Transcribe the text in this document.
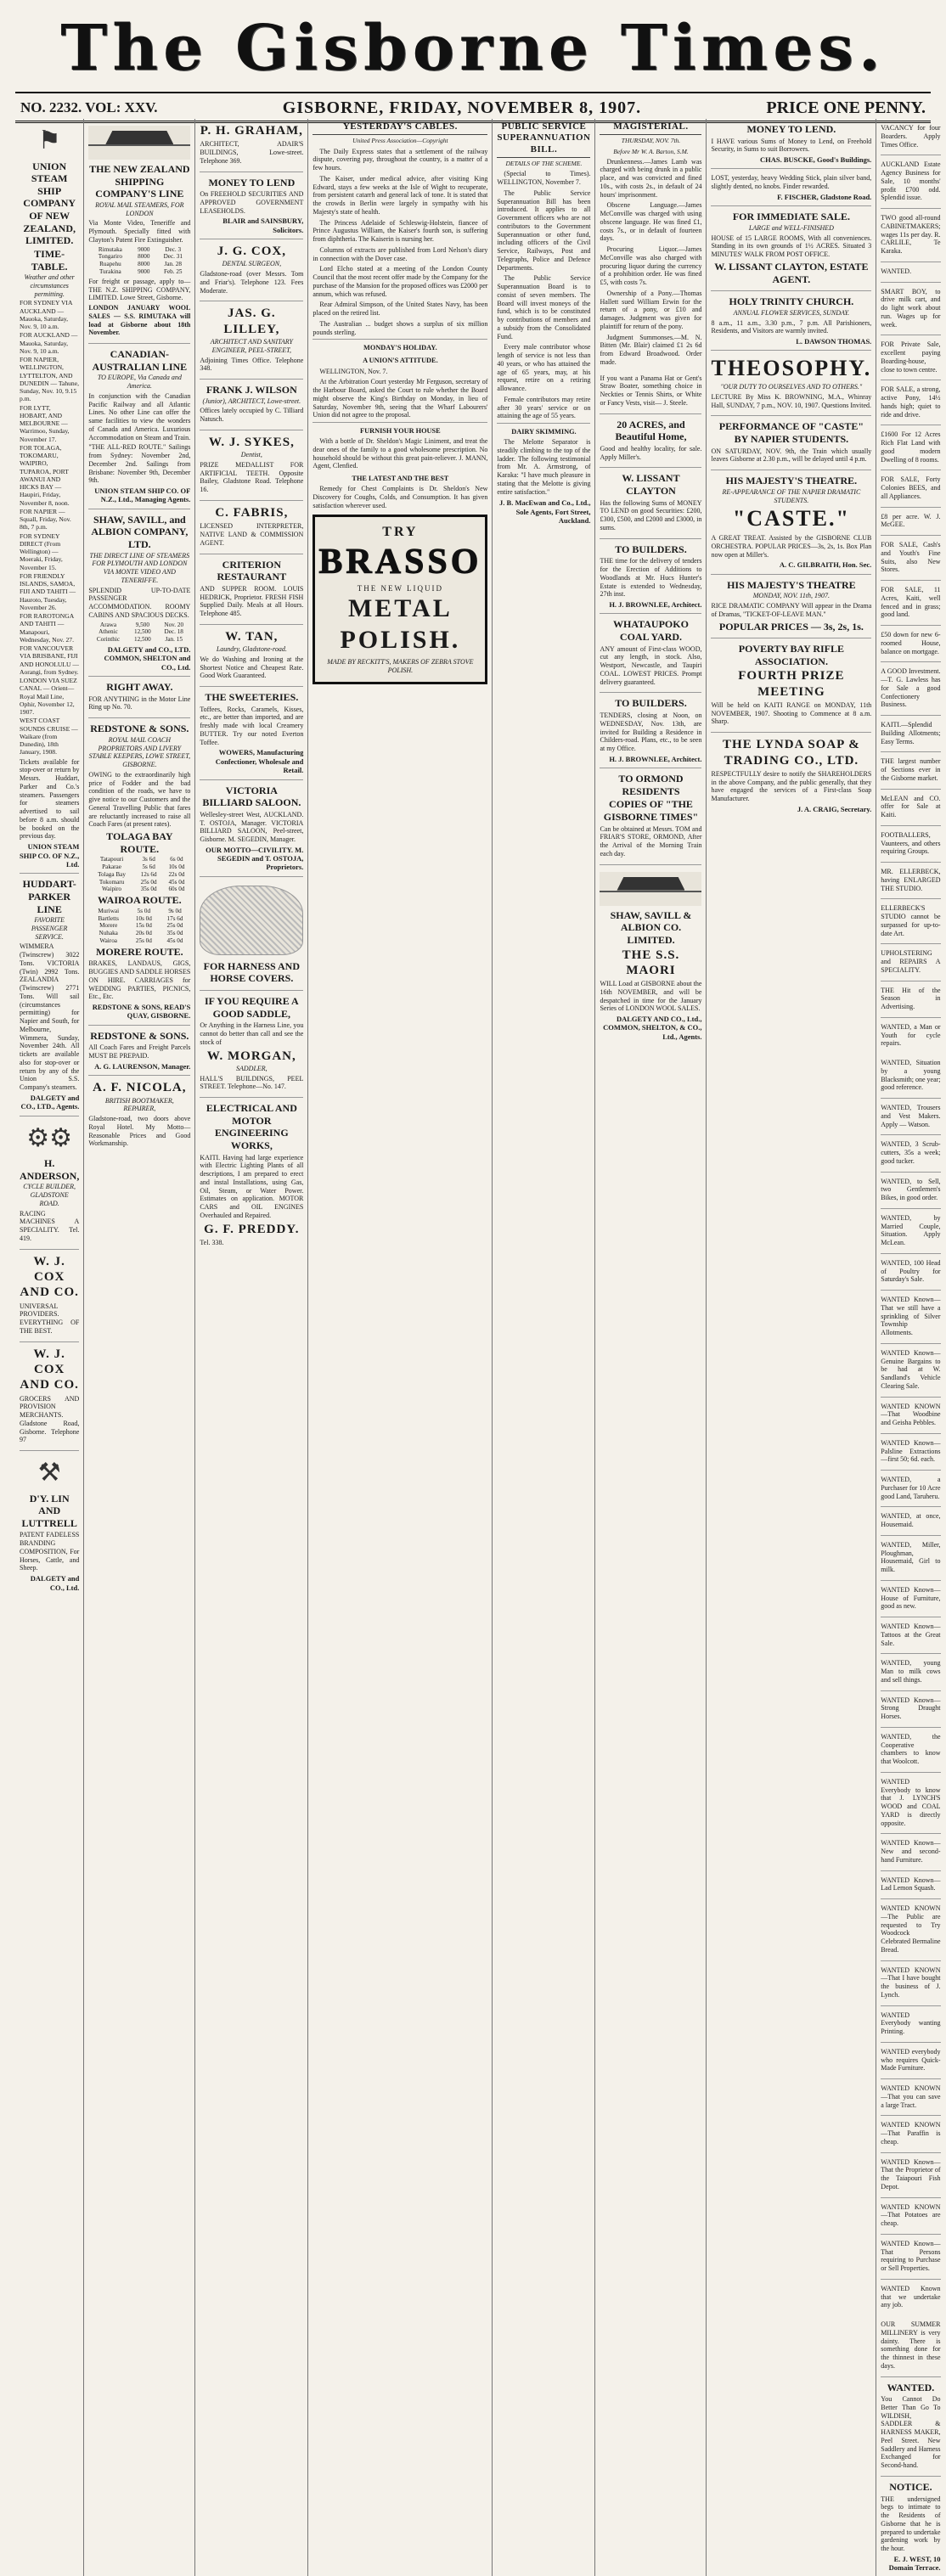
The Gisborne Times.
NO. 2232. VOL: XXV.	GISBORNE, FRIDAY, NOVEMBER 8, 1907.	PRICE ONE PENNY.
⚑
UNION STEAM SHIP COMPANY OF NEW ZEALAND, LIMITED.
TIME-TABLE.
Weather and other circumstances permitting.
FOR SYDNEY VIA AUCKLAND — Mauoka, Saturday, Nov. 9, 10 a.m.
FOR AUCKLAND — Mauoka, Saturday, Nov. 9, 10 a.m.
FOR NAPIER, WELLINGTON, LYTTELTON, AND DUNEDIN — Tahune, Sunday, Nov. 10, 9.15 p.m.
FOR LYTT, HOBART, AND MELBOURNE — Warrimoo, Sunday, November 17.
FOR TOLAGA, TOKOMARU, WAIPIRO, TUPAROA, PORT AWANUI AND HICKS BAY — Haupiri, Friday, November 8, noon.
FOR NAPIER — Squall, Friday, Nov. 8th, 7 p.m.
FOR SYDNEY DIRECT (From Wellington) — Moeraki, Friday, November 15.
FOR FRIENDLY ISLANDS, SAMOA, FIJI AND TAHITI — Hauroto, Tuesday, November 26.
FOR RAROTONGA AND TAHITI — Manapouri, Wednesday, Nov. 27.
FOR VANCOUVER VIA BRISBANE, FIJI AND HONOLULU — Aorangi, from Sydney.
LONDON VIA SUEZ CANAL — Orient—Royal Mail Line, Ophir, November 12, 1907.
WEST COAST SOUNDS CRUISE — Waikare (from Dunedin), 18th January, 1908.
Tickets available for stop-over or return by Messrs. Huddart, Parker and Co.'s steamers. Passengers for steamers advertised to sail before 8 a.m. should be booked on the previous day.
UNION STEAM SHIP CO. OF N.Z., Ltd.
HUDDART-PARKER LINE
FAVORITE PASSENGER SERVICE.
WIMMERA (Twinscrew) 3022 Tons. VICTORIA (Twin) 2992 Tons. ZEALANDIA (Twinscrew) 2771 Tons. Will sail (circumstances permitting) for Napier and South, for Melbourne, Wimmera, Sunday, November 24th. All tickets are available also for stop-over or return by any of the Union S.S. Company's steamers.
DALGETY and CO., LTD., Agents.
⚙⚙
H. ANDERSON,
CYCLE BUILDER, GLADSTONE ROAD.
RACING MACHINES A SPECIALITY. Tel. 419.
W. J. COX AND CO.
UNIVERSAL PROVIDERS. EVERYTHING OF THE BEST.
W. J. COX AND CO.
GROCERS AND PROVISION MERCHANTS. Gladstone Road, Gisborne. Telephone 97
⚒
D'Y. LIN AND LUTTRELL
PATENT FADELESS BRANDING COMPOSITION, For Horses, Cattle, and Sheep.
DALGETY and CO., Ltd.
THE NEW ZEALAND SHIPPING COMPANY'S LINE
ROYAL MAIL STEAMERS, FOR LONDON
Via Monte Video, Teneriffe and Plymouth. Specially fitted with Clayton's Patent Fire Extinguisher.
Rimutaka	9000	Dec. 3
Tongariro	8000	Dec. 31
Ruapehu	8000	Jan. 28
Turakina	9000	Feb. 25
For freight or passage, apply to— THE N.Z. SHIPPING COMPANY, LIMITED. Lowe Street, Gisborne.
LONDON JANUARY WOOL SALES — S.S. RIMUTAKA will load at Gisborne about 18th November.
CANADIAN-AUSTRALIAN LINE
TO EUROPE, Via Canada and America.
In conjunction with the Canadian Pacific Railway and all Atlantic Lines. No other Line can offer the same facilities to view the wonders of Canada and America. Luxurious Accommodation on Steam and Train.
"THE ALL-RED ROUTE." Sailings from Sydney: November 2nd, December 2nd. Sailings from Brisbane: November 9th, December 9th.
UNION STEAM SHIP CO. OF N.Z., Ltd., Managing Agents.
SHAW, SAVILL, and ALBION COMPANY, LTD.
THE DIRECT LINE OF STEAMERS FOR PLYMOUTH AND LONDON VIA MONTE VIDEO AND TENERIFFE.
SPLENDID UP-TO-DATE PASSENGER ACCOMMODATION. ROOMY CABINS AND SPACIOUS DECKS.
Arawa	9,500	Nov. 20
Athenic	12,500	Dec. 18
Corinthic	12,500	Jan. 15
DALGETY and CO., LTD. COMMON, SHELTON and CO., Ltd.
RIGHT AWAY.
FOR ANYTHING in the Motor Line Ring up No. 70.
REDSTONE & SONS.
ROYAL MAIL COACH PROPRIETORS AND LIVERY STABLE KEEPERS, LOWE STREET, GISBORNE.
OWING to the extraordinarily high price of Fodder and the bad condition of the roads, we have to give notice to our Customers and the General Travelling Public that fares are reluctantly increased to raise all Coach Fares (at present rates).
TOLAGA BAY ROUTE.
Tatapouri	3s 6d	6s 0d
Pakarae	5s 6d	10s 0d
Tolaga Bay	12s 6d	22s 0d
Tokomaru	25s 0d	45s 0d
Waipiro	35s 0d	60s 0d
WAIROA ROUTE.
Muriwai	5s 0d	9s 0d
Bartletts	10s 0d	17s 6d
Morere	15s 0d	25s 0d
Nuhaka	20s 0d	35s 0d
Wairoa	25s 0d	45s 0d
MORERE ROUTE.
BRAKES, LANDAUS, GIGS, BUGGIES AND SADDLE HORSES ON HIRE. CARRIAGES for WEDDING PARTIES, PICNICS, Etc., Etc.
REDSTONE & SONS, READ'S QUAY, GISBORNE.
REDSTONE & SONS.
All Coach Fares and Freight Parcels MUST BE PREPAID.
A. G. LAURENSON, Manager.
A. F. NICOLA,
BRITISH BOOTMAKER, REPAIRER,
Gladstone-road, two doors above Royal Hotel. My Motto— Reasonable Prices and Good Workmanship.
P. H. GRAHAM,
ARCHITECT, ADAIR'S BUILDINGS, Lowe-street. Telephone 369.
MONEY TO LEND
On FREEHOLD SECURITIES AND APPROVED GOVERNMENT LEASEHOLDS.
BLAIR and SAINSBURY, Solicitors.
J. G. COX,
DENTAL SURGEON,
Gladstone-road (over Messrs. Tom and Friar's). Telephone 123. Fees Moderate.
JAS. G. LILLEY,
ARCHITECT AND SANITARY ENGINEER, PEEL-STREET,
Adjoining Times Office. Telephone 348.
FRANK J. WILSON
(Junior), ARCHITECT, Lowe-street.
Offices lately occupied by C. Tilliard Natusch.
W. J. SYKES,
Dentist,
PRIZE MEDALLIST FOR ARTIFICIAL TEETH. Opposite Bailey, Gladstone Road. Telephone 16.
C. FABRIS,
LICENSED INTERPRETER, NATIVE LAND & COMMISSION AGENT.
CRITERION RESTAURANT
AND SUPPER ROOM. LOUIS HEDRICK, Proprietor. FRESH FISH Supplied Daily. Meals at all Hours. Telephone 485.
W. TAN,
Laundry, Gladstone-road.
We do Washing and Ironing at the Shortest Notice and Cheapest Rate. Good Work Guaranteed.
THE SWEETERIES.
Toffees, Rocks, Caramels, Kisses, etc., are better than imported, and are freshly made with local Creamery BUTTER. Try our noted Everton Toffee.
WOWERS, Manufacturing Confectioner, Wholesale and Retail.
VICTORIA BILLIARD SALOON.
Wellesley-street West, AUCKLAND. T. OSTOJA, Manager. VICTORIA BILLIARD SALOON, Peel-street, Gisborne. M. SEGEDIN, Manager.
OUR MOTTO—CIVILITY. M. SEGEDIN and T. OSTOJA, Proprietors.
FOR HARNESS AND HORSE COVERS.
IF YOU REQUIRE A GOOD SADDLE,
Or Anything in the Harness Line, you cannot do better than call and see the stock of
W. MORGAN,
SADDLER,
HALL'S BUILDINGS, PEEL STREET. Telephone—No. 147.
ELECTRICAL AND MOTOR ENGINEERING WORKS,
KAITI. Having had large experience with Electric Lighting Plants of all descriptions, I am prepared to erect and instal Installations, using Gas, Oil, Steam, or Water Power. Estimates on application. MOTOR CARS and OIL ENGINES Overhauled and Repaired.
G. F. PREDDY.
Tel. 338.
YESTERDAY'S CABLES.
United Press Association—Copyright

The Daily Express states that a settlement of the railway dispute, covering pay, throughout the country, is a matter of a few hours.

The Kaiser, under medical advice, after visiting King Edward, stays a few weeks at the Isle of Wight to recuperate, from persistent catarrh and general lack of tone. It is stated that the crowds in Berlin were largely in sympathy with his Majesty's state of health.

The Princess Adelaide of Schleswig-Holstein, fiancee of Prince Augustus William, the Kaiser's fourth son, is suffering from diphtheria. The Kaiserin is nursing her.

Columns of extracts are published from Lord Nelson's diary in connection with the Dover case.

Lord Elcho stated at a meeting of the London County Council that the most recent offer made by the Company for the purchase of the Mansion for the proposed offices was £2000 per annum, which was refused.

Rear Admiral Simpson, of the United States Navy, has been placed on the retired list.

The Australian ... budget shows a surplus of six million pounds sterling.

MONDAY'S HOLIDAY.
A UNION'S ATTITUDE.

WELLINGTON, Nov. 7.

At the Arbitration Court yesterday Mr Ferguson, secretary of the Harbour Board, asked the Court to rule whether the Board might observe the King's Birthday on Monday, in lieu of Saturday, November 9th, seeing that the Wharf Labourers' Union did not agree to the proposal.

FURNISH YOUR HOUSE

With a bottle of Dr. Sheldon's Magic Liniment, and treat the dear ones of the family to a good wholesome prescription. No household should be without this great pain-reliever. J. MANN, Agent, Clenfied.

THE LATEST AND THE BEST

Remedy for Chest Complaints is Dr. Sheldon's New Discovery for Coughs, Colds, and Consumption. It has given satisfaction wherever used.

TRY
BRASSO
THE NEW LIQUID
METAL POLISH.
MADE BY RECKITT'S, MAKERS OF ZEBRA STOVE POLISH.
PUBLIC SERVICE SUPERANNUATION BILL.
DETAILS OF THE SCHEME.

(Special to Times). WELLINGTON, November 7.

The Public Service Superannuation Bill has been introduced. It applies to all Government officers who are not contributors to the Government Superannuation or other fund, including officers of the Civil Service, Railways, Post and Telegraphs, Police and Defence Departments.

The Public Service Superannuation Board is to consist of seven members. The Board will invest moneys of the fund, which is to be constituted by contributions of members and a subsidy from the Consolidated Fund.

Every male contributor whose length of service is not less than 40 years, or who has attained the age of 65 years, may, at his request, retire on a retiring allowance.

Female contributors may retire after 30 years' service or on attaining the age of 55 years.

DAIRY SKIMMING.

The Melotte Separator is steadily climbing to the top of the ladder. The following testimonial from Mr. A. Armstrong, of Karaka: "I have much pleasure in stating that the Melotte is giving entire satisfaction."

J. B. MacEwan and Co., Ltd., Sole Agents, Fort Street, Auckland.
MAGISTERIAL.
THURSDAY, NOV. 7th.
Before Mr W. A. Barton, S.M.

Drunkenness.—James Lamb was charged with being drunk in a public place, and was convicted and fined 10s., with costs 2s., in default of 24 hours' imprisonment.

Obscene Language.—James McConville was charged with using obscene language. He was fined £1, costs 7s., or in default of fourteen days.

Procuring Liquor.—James McConville was also charged with procuring liquor during the currency of a prohibition order. He was fined £5, with costs 7s.

Ownership of a Pony.—Thomas Hallett sued William Erwin for the return of a pony, or £10 and damages. Judgment was given for plaintiff for return of the pony.

Judgment Summonses.—M. N. Bitten (Mr. Blair) claimed £1 2s 6d from Edward Broadwood. Order made.

If you want a Panama Hat or Gent's Straw Boater, something choice in Neckties or Tennis Shirts, or White or Fancy Vests, visit— J. Steele.
20 ACRES, and Beautiful Home,
Good and healthy locality, for sale. Apply Miller's.
W. LISSANT CLAYTON
Has the following Sums of MONEY TO LEND on good Securities: £200, £300, £500, and £2000 and £3000, in sums.
TO BUILDERS.
THE time for the delivery of tenders for the Erection of Additions to Woodlands at Mr. Hucs Hunter's Estate is extended to Wednesday, 27th inst.
H. J. BROWNLEE, Architect.
WHATAUPOKO COAL YARD.
ANY amount of First-class WOOD, cut any length, in stock. Also, Westport, Newcastle, and Taupiri COAL. LOWEST PRICES. Prompt delivery guaranteed.
TO BUILDERS.
TENDERS, closing at Noon, on WEDNESDAY, Nov. 13th, are invited for Building a Residence in Childers-road. Plans, etc., to be seen at my Office.
H. J. BROWNLEE, Architect.
TO ORMOND RESIDENTS
COPIES OF "THE GISBORNE TIMES"
Can be obtained at Messrs. TOM and FRIAR'S STORE, ORMOND, After the Arrival of the Morning Train each day.
SHAW, SAVILL & ALBION CO. LIMITED.
THE S.S. MAORI
WILL Load at GISBORNE about the 16th NOVEMBER, and will be despatched in time for the January Series of LONDON WOOL SALES.
DALGETY AND CO., Ltd., COMMON, SHELTON, & CO., Ltd., Agents.
MONEY TO LEND.
I HAVE various Sums of Money to Lend, on Freehold Security, in Sums to suit Borrowers.
CHAS. BUSCKE, Good's Buildings.
LOST, yesterday, heavy Wedding Stick, plain silver band, slightly dented, no knobs. Finder rewarded.
F. FISCHER, Gladstone Road.
FOR IMMEDIATE SALE.
LARGE and WELL-FINISHED
HOUSE of 15 LARGE ROOMS, With all conveniences. Standing in its own grounds of 1½ ACRES. Situated 3 MINUTES' WALK FROM POST OFFICE.
W. LISSANT CLAYTON, ESTATE AGENT.
HOLY TRINITY CHURCH.
ANNUAL FLOWER SERVICES, SUNDAY.
8 a.m., 11 a.m., 3.30 p.m., 7 p.m. All Parishioners, Residents, and Visitors are warmly invited.
L. DAWSON THOMAS.
THEOSOPHY.
"OUR DUTY TO OURSELVES AND TO OTHERS."
LECTURE By Miss K. BROWNING, M.A., Whinray Hall, SUNDAY, 7 p.m., NOV. 10, 1907. Questions Invited.
PERFORMANCE OF "CASTE" BY NAPIER STUDENTS.
ON SATURDAY, NOV. 9th, the Train which usually leaves Gisborne at 2.30 p.m., will be delayed until 4 p.m.
HIS MAJESTY'S THEATRE.
RE-APPEARANCE OF THE NAPIER DRAMATIC STUDENTS.
"CASTE."
A GREAT TREAT. Assisted by the GISBORNE CLUB ORCHESTRA. POPULAR PRICES—3s, 2s, 1s. Box Plan now open at Miller's.
A. C. GILBRAITH, Hon. Sec.
HIS MAJESTY'S THEATRE
MONDAY, NOV. 11th, 1907.
RICE DRAMATIC COMPANY Will appear in the Drama of Dramas, "TICKET-OF-LEAVE MAN."
POPULAR PRICES — 3s, 2s, 1s.
POVERTY BAY RIFLE ASSOCIATION.
FOURTH PRIZE MEETING
Will be held on KAITI RANGE on MONDAY, 11th NOVEMBER, 1907. Shooting to Commence at 8 a.m. Sharp.
THE LYNDA SOAP & TRADING CO., LTD.
RESPECTFULLY desire to notify the SHAREHOLDERS in the above Company, and the public generally, that they have engaged the services of a First-class Soap Manufacturer.
J. A. CRAIG, Secretary.
VACANCY for four Boarders. Apply Times Office.
AUCKLAND Estate Agency Business for Sale, 10 months' profit £700 odd. Splendid issue.
TWO good all-round CABINETMAKERS; wages 11s per day. R. CARLILE, Te Karaka.
WANTED.
SMART BOY, to drive milk cart, and do light work about run. Wages up for week.
FOR Private Sale, excellent paying Boarding-house, close to town centre.
FOR SALE, a strong, active Pony, 14½ hands high; quiet to ride and drive.
£1600 For 12 Acres Rich Flat Land with good modern Dwelling of 8 rooms.
FOR SALE, Forty Colonies BEES, and all Appliances.
£8 per acre. W. J. McGEE.
FOR SALE, Cash's and Youth's Fine Suits, also New Stores.
FOR SALE, 11 Acres, Kaiti, well fenced and in grass; good land.
£50 down for new 6-roomed House, balance on mortgage.
A GOOD Investment.—T. G. Lawless has for Sale a good Confectionery Business.
KAITI.—Splendid Building Allotments; Easy Terms.
THE largest number of Sections ever in the Gisborne market.
McLEAN and CO. offer for Sale at Kaiti.
FOOTBALLERS, Vaunteers, and others requiring Groups.
MR. ELLERBECK, having ENLARGED THE STUDIO.
ELLERBECK'S STUDIO cannot be surpassed for up-to-date Art.
UPHOLSTERING and REPAIRS A SPECIALITY.
THE Hit of the Season in Advertising.
WANTED, a Man or Youth for cycle repairs.
WANTED, Situation by a young Blacksmith; one year; good reference.
WANTED, Trousers and Vest Makers. Apply — Watson.
WANTED, 3 Scrub-cutters, 35s a week; good tucker.
WANTED, to Sell, two Gentlemen's Bikes, in good order.
WANTED, by Married Couple, Situation. Apply McLean.
WANTED, 100 Head of Poultry for Saturday's Sale.
WANTED Known—That we still have a sprinkling of Silver Township Allotments.
WANTED Known—Genuine Bargains to be had at W. Sandland's Vehicle Clearing Sale.
WANTED KNOWN—That Woodbine and Geisha Pebbles.
WANTED Known—Palsline Extractions—first 50; 6d. each.
WANTED, a Purchaser for 10 Acre good Land, Taruheru.
WANTED, at once, Housemaid.
WANTED, Miller, Ploughman, Housemaid, Girl to milk.
WANTED Known—House of Furniture, good as new.
WANTED Known—Tattoos at the Great Sale.
WANTED, young Man to milk cows and sell things.
WANTED Known—Strong Draught Horses.
WANTED, the Cooperative chambers to know that Woolcott.
WANTED Everybody to know that J. LYNCH'S WOOD and COAL YARD is directly opposite.
WANTED Known—New and second-hand Furniture.
WANTED Known—Lad Lemon Squash.
WANTED KNOWN—The Public are requested to Try Woodcock Celebrated Bermaline Bread.
WANTED KNOWN—That I have bought the business of J. Lynch.
WANTED Everybody wanting Printing.
WANTED everybody who requires Quick-Made Furniture.
WANTED KNOWN—That you can save a large Tract.
WANTED KNOWN—That Paraffin is cheap.
WANTED Known—That the Proprietor of the Taiapouri Fish Depot.
WANTED KNOWN—That Potatoes are cheap.
WANTED Known—That Persons requiring to Purchase or Sell Properties.
WANTED Known that we undertake any job.
OUR SUMMER MILLINERY is very dainty. There is something done for the thinnest in these days.
WANTED.
You Cannot Do Better Than Go To WILDISH, SADDLER & HARNESS MAKER, Peel Street. New Saddlery and Harness Exchanged for Second-hand.
NOTICE.
THE undersigned begs to intimate to the Residents of Gisborne that he is prepared to undertake gardening work by the hour.
E. J. WEST, 10 Domain Terrace.
